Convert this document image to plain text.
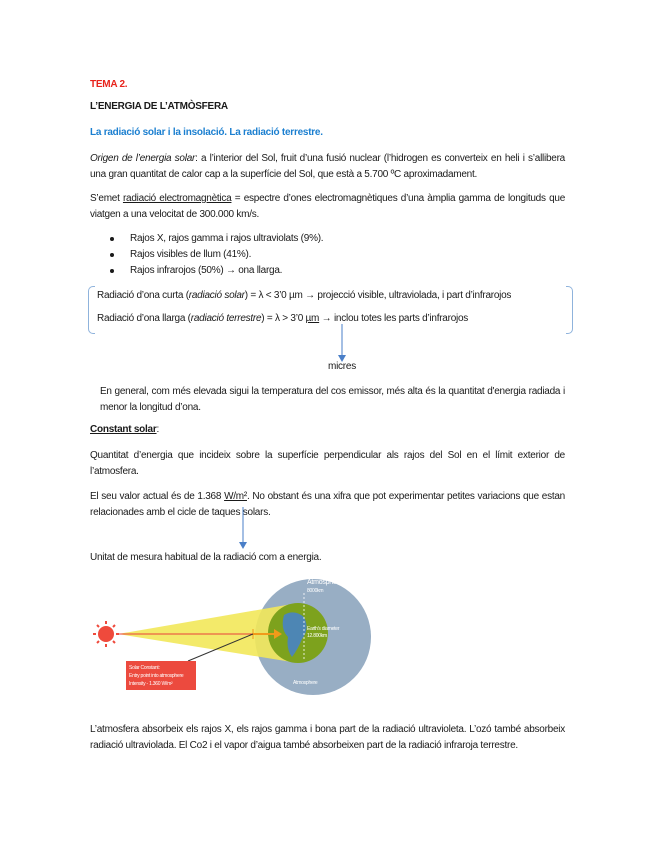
TEMA 2.
L’ENERGIA DE L’ATMÒSFERA
La radiació solar i la insolació. La radiació terrestre.
Origen de l’energia solar: a l’interior del Sol, fruit d’una fusió nuclear (l’hidrogen es converteix en heli i s’allibera una gran quantitat de calor cap a la superfície del Sol, que està a 5.700 ºC aproximadament.
S’emet radiació electromagnètica = espectre d’ones electromagnètiques d’una àmplia gamma de longituds que viatgen a una velocitat de 300.000 km/s.
Rajos X, rajos gamma i rajos ultraviolats (9%).
Rajos visibles de llum (41%).
Rajos infrarojos (50%) → ona llarga.
Radiació d’ona curta (radiació solar) = λ < 3’0 µm → projecció visible, ultraviolada, i part d’infrarojos
Radiació d’ona llarga (radiació terrestre) = λ > 3’0 µm → inclou totes les parts d’infrarojos
micres
En general, com més elevada sigui la temperatura del cos emissor, més alta és la quantitat d'energia radiada i menor la longitud d’ona.
Constant solar:
Quantitat d’energia que incideix sobre la superfície perpendicular als rajos del Sol en el límit exterior de l’atmosfera.
El seu valor actual és de 1.368 W/m². No obstant és una xifra que pot experimentar petites variacions que estan relacionades amb el cicle de taques solars.
Unitat de mesura habitual de la radiació com a energia.
Solar Constant:
Entry point into atmosphere
Intensity - 1.360 W/m²
Atmosphere
8000km
Earth's diameter
12.800km
Atmosphere
L’atmosfera absorbeix els rajos X, els rajos gamma i bona part de la radiació ultravioleta. L’ozó també absorbeix radiació ultraviolada. El Co2 i el vapor d’aigua també absorbeixen part de la radiació infraroja terrestre.
